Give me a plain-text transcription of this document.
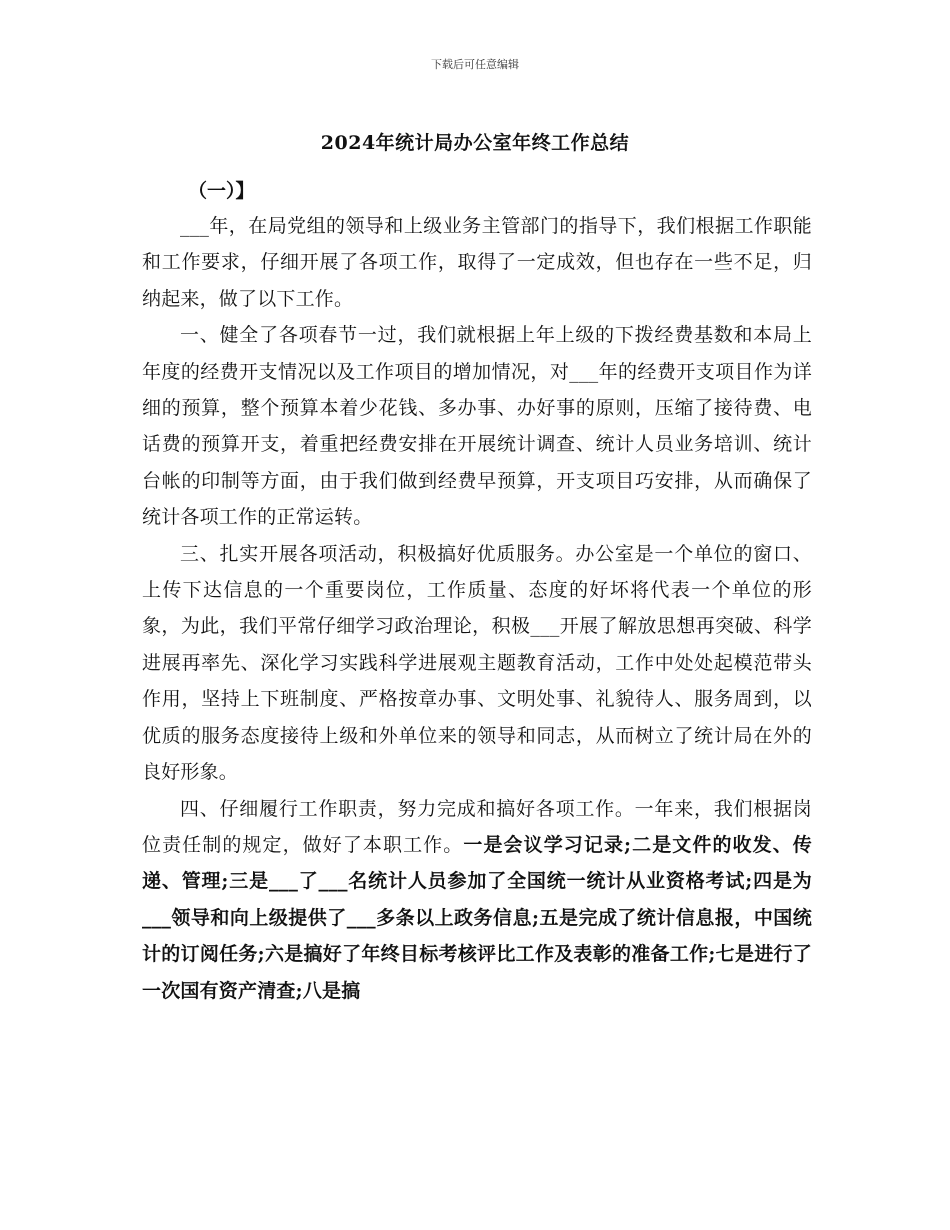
下载后可任意编辑
2024年统计局办公室年终工作总结
（一）】

___年，在局党组的领导和上级业务主管部门的指导下，我们根据工作职能和工作要求，仔细开展了各项工作，取得了一定成效，但也存在一些不足，归纳起来，做了以下工作。

一、健全了各项春节一过，我们就根据上年上级的下拨经费基数和本局上年度的经费开支情况以及工作项目的增加情况，对___年的经费开支项目作为详细的预算，整个预算本着少花钱、多办事、办好事的原则，压缩了接待费、电话费的预算开支，着重把经费安排在开展统计调查、统计人员业务培训、统计台帐的印制等方面，由于我们做到经费早预算，开支项目巧安排，从而确保了统计各项工作的正常运转。

三、扎实开展各项活动，积极搞好优质服务。办公室是一个单位的窗口、上传下达信息的一个重要岗位，工作质量、态度的好坏将代表一个单位的形象，为此，我们平常仔细学习政治理论，积极___开展了解放思想再突破、科学进展再率先、深化学习实践科学进展观主题教育活动，工作中处处起模范带头作用，坚持上下班制度、严格按章办事、文明处事、礼貌待人、服务周到，以优质的服务态度接待上级和外单位来的领导和同志，从而树立了统计局在外的良好形象。

四、仔细履行工作职责，努力完成和搞好各项工作。一年来，我们根据岗位责任制的规定，做好了本职工作。一是会议学习记录;二是文件的收发、传递、管理;三是___了___名统计人员参加了全国统一统计从业资格考试;四是为___领导和向上级提供了___多条以上政务信息;五是完成了统计信息报，中国统计的订阅任务;六是搞好了年终目标考核评比工作及表彰的准备工作;七是进行了一次国有资产清查;八是搞
